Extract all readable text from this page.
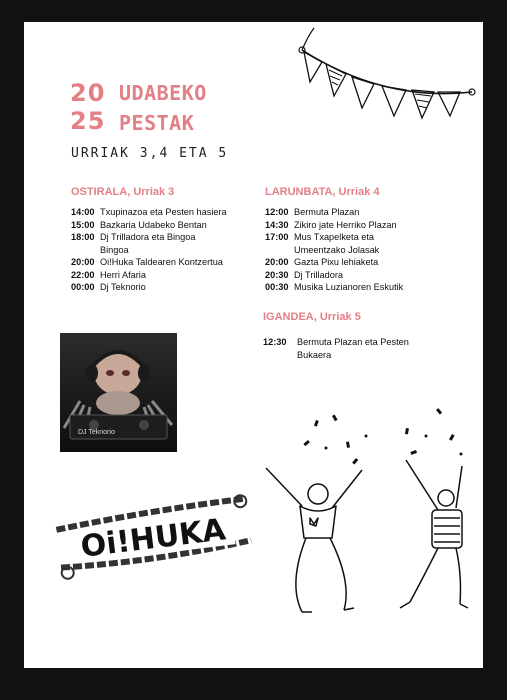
20
25
UDABEKO
PESTAK
URRIAK 3,4 ETA 5
OSTIRALA, Urriak 3
14:00 Txupinazoa eta Pesten hasiera
15:00 Bazkaria Udabeko Bentan
18:00 Dj Trilladora eta Bingoa Bingoa
20:00 Oi!Huka Taldearen Kontzertua
22:00 Herri Afaria
00:00 Dj Teknorio
LARUNBATA, Urriak 4
12:00 Bermuta Plazan
14:30 Zikiro jate Herriko Plazan
17:00 Mus Txapelketa eta Umeentzako Jolasak
20:00 Gazta Pixu lehiaketa
20:30 Dj Trilladora
00:30 Musika Luzianoren Eskutik
IGANDEA, Urriak 5
12:30	Bermuta Plazan eta Pesten Bukaera
DJ Teknorio
Oi!HUKA
